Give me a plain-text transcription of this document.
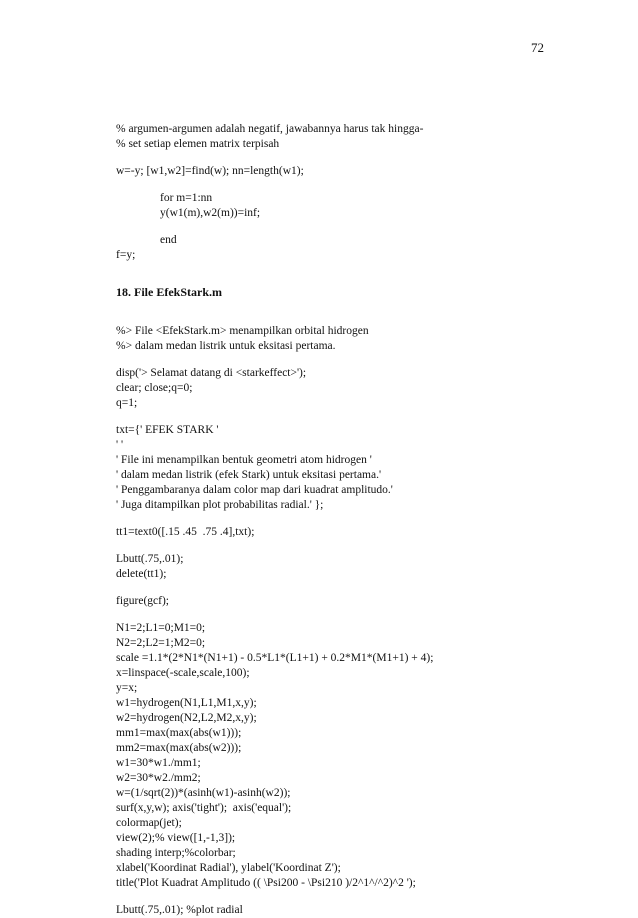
72
% argumen-argumen adalah negatif, jawabannya harus tak hingga-
% set setiap elemen matrix terpisah
w=-y; [w1,w2]=find(w); nn=length(w1);
for m=1:nn
y(w1(m),w2(m))=inf;
end
f=y;
18. File EfekStark.m
%> File <EfekStark.m> menampilkan orbital hidrogen
%> dalam medan listrik untuk eksitasi pertama.
disp('> Selamat datang di <starkeffect>');
clear; close;q=0;
q=1;
txt={' EFEK STARK '
' '
' File ini menampilkan bentuk geometri atom hidrogen '
' dalam medan listrik (efek Stark) untuk eksitasi pertama.'
' Penggambaranya dalam color map dari kuadrat amplitudo.'
' Juga ditampilkan plot probabilitas radial.' };
tt1=text0([.15 .45  .75 .4],txt);
Lbutt(.75,.01);
delete(tt1);
figure(gcf);
N1=2;L1=0;M1=0;
N2=2;L2=1;M2=0;
scale =1.1*(2*N1*(N1+1) - 0.5*L1*(L1+1) + 0.2*M1*(M1+1) + 4);
x=linspace(-scale,scale,100);
y=x;
w1=hydrogen(N1,L1,M1,x,y);
w2=hydrogen(N2,L2,M2,x,y);
mm1=max(max(abs(w1)));
mm2=max(max(abs(w2)));
w1=30*w1./mm1;
w2=30*w2./mm2;
w=(1/sqrt(2))*(asinh(w1)-asinh(w2));
surf(x,y,w); axis('tight');  axis('equal');
colormap(jet);
view(2);% view([1,-1,3]);
shading interp;%colorbar;
xlabel('Koordinat Radial'), ylabel('Koordinat Z');
title('Plot Kuadrat Amplitudo (( \Psi200 - \Psi210 )/2^1^/^2)^2 ');
Lbutt(.75,.01); %plot radial
